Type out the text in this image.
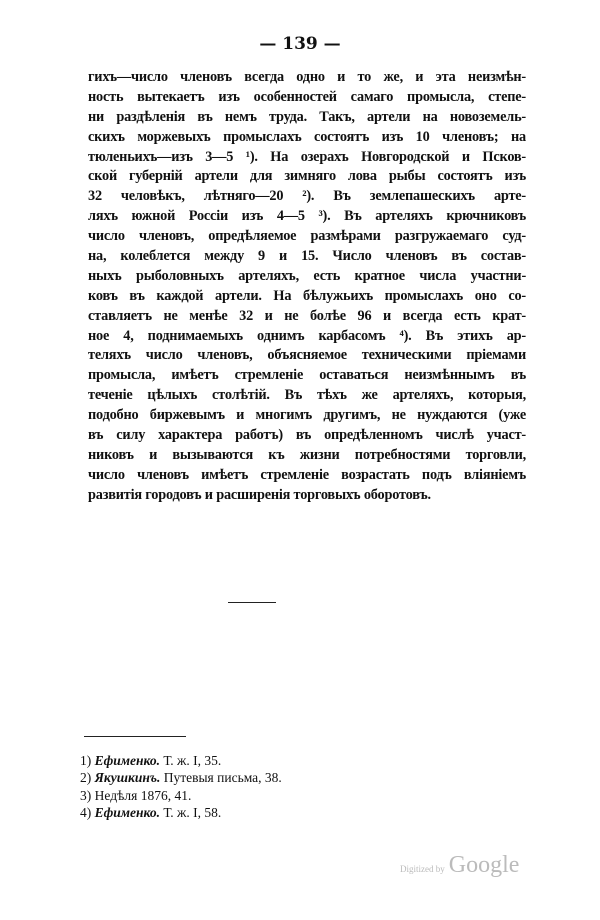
— 139 —
гихъ—число членовъ всегда одно и то же, и эта неизмѣн-
ность вытекаетъ изъ особенностей самаго промысла, степе-
ни раздѣленія въ немъ труда. Такъ, артели на новоземель-
скихъ моржевыхъ промыслахъ состоятъ изъ 10 членовъ; на
тюленьихъ—изъ 3—5 ¹). На озерахъ Новгородской и Псков-
ской губерній артели для зимняго лова рыбы состоятъ изъ
32 человѣкъ, лѣтняго—20 ²). Въ землепашескихъ арте-
ляхъ южной Россіи изъ 4—5 ³). Въ артеляхъ крючниковъ
число членовъ, опредѣляемое размѣрами разгружаемаго суд-
на, колеблется между 9 и 15. Число членовъ въ состав-
ныхъ рыболовныхъ артеляхъ, есть кратное числа участни-
ковъ въ каждой артели. На бѣлужьихъ промыслахъ оно со-
ставляетъ не менѣе 32 и не болѣе 96 и всегда есть крат-
ное 4, поднимаемыхъ однимъ карбасомъ ⁴). Въ этихъ ар-
теляхъ число членовъ, объясняемое техническими пріемами
промысла, имѣетъ стремленіе оставаться неизмѣннымъ въ
теченіе цѣлыхъ столѣтій. Въ тѣхъ же артеляхъ, которыя,
подобно биржевымъ и многимъ другимъ, не нуждаются (уже
въ силу характера работъ) въ опредѣленномъ числѣ участ-
никовъ и вызываются къ жизни потребностями торговли,
число членовъ имѣетъ стремленіе возрастать подъ вліяніемъ
развитія городовъ и расширенія торговыхъ оборотовъ.
1) Ефименко. Т. ж. I, 35.
2) Якушкинъ. Путевыя письма, 38.
3) Недѣля 1876, 41.
4) Ефименко. Т. ж. I, 58.
Digitized by Google
